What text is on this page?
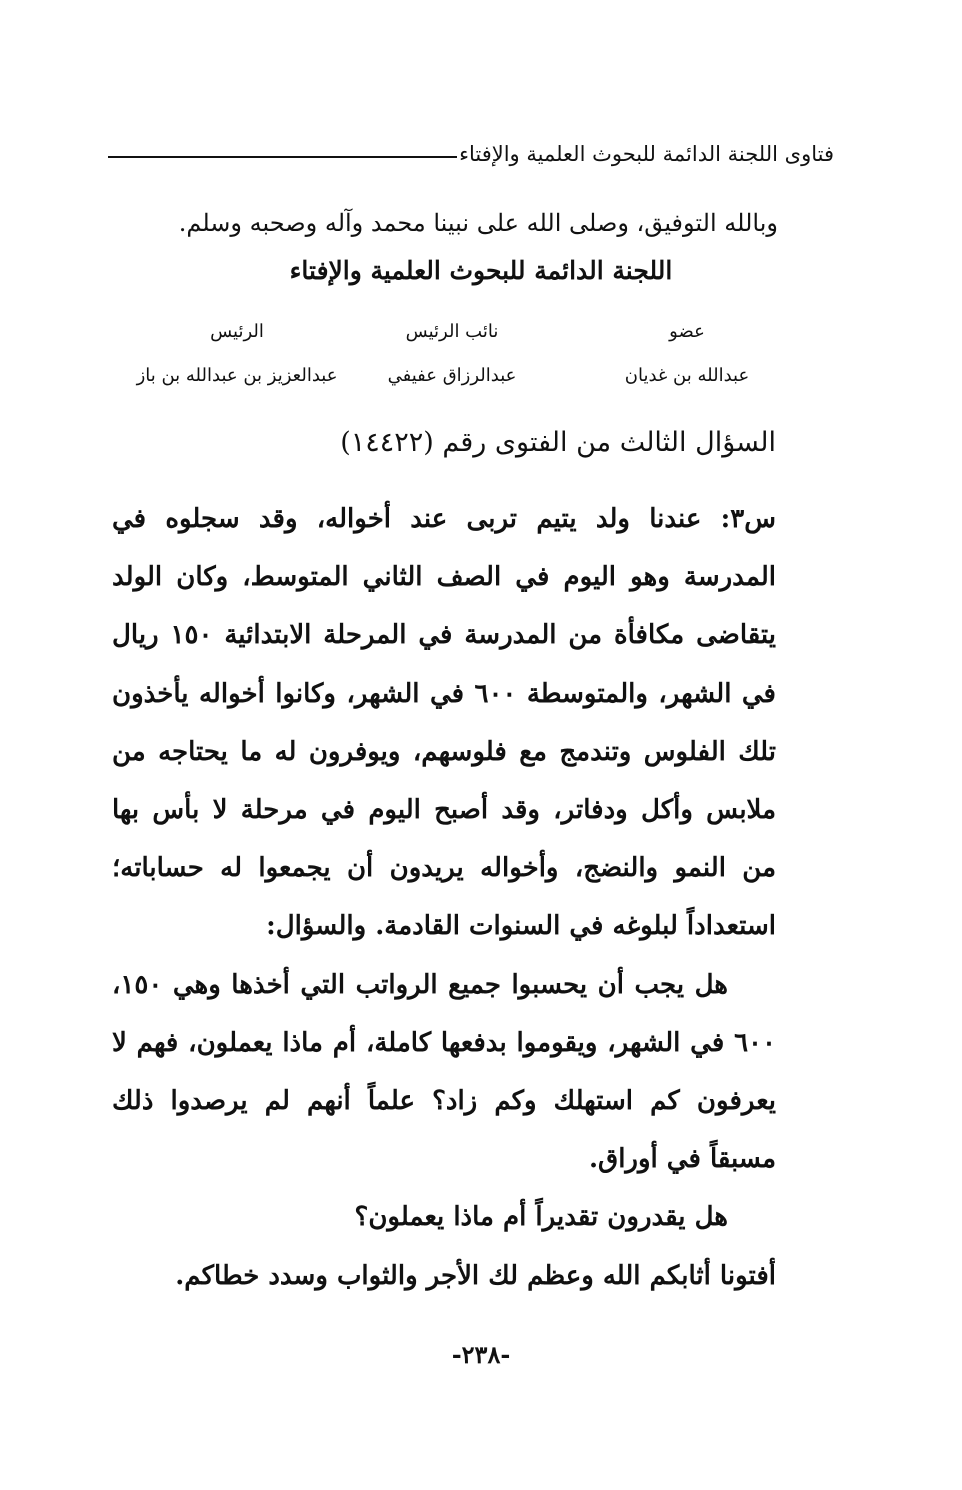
فتاوى اللجنة الدائمة للبحوث العلمية والإفتاء
وبالله التوفيق، وصلى الله على نبينا محمد وآله وصحبه وسلم.
اللجنة الدائمة للبحوث العلمية والإفتاء
عضو
عبدالله بن غديان
نائب الرئيس
عبدالرزاق عفيفي
الرئيس
عبدالعزيز بن عبدالله بن باز
السؤال الثالث من الفتوى رقم (١٤٤٢٢)

س٣: عندنا ولد يتيم تربى عند أخواله، وقد سجلوه في المدرسة وهو اليوم في الصف الثاني المتوسط، وكان الولد يتقاضى مكافأة من المدرسة في المرحلة الابتدائية ١٥٠ ريال في الشهر، والمتوسطة ٦٠٠ في الشهر، وكانوا أخواله يأخذون تلك الفلوس وتندمج مع فلوسهم، ويوفرون له ما يحتاجه من ملابس وأكل ودفاتر، وقد أصبح اليوم في مرحلة لا بأس بها من النمو والنضج، وأخواله يريدون أن يجمعوا له حساباته؛ استعداداً لبلوغه في السنوات القادمة. والسؤال:

هل يجب أن يحسبوا جميع الرواتب التي أخذها وهي ١٥٠، ٦٠٠ في الشهر، ويقوموا بدفعها كاملة، أم ماذا يعملون، فهم لا يعرفون كم استهلك وكم زاد؟ علماً أنهم لم يرصدوا ذلك مسبقاً في أوراق.

هل يقدرون تقديراً أم ماذا يعملون؟

أفتونا أثابكم الله وعظم لك الأجر والثواب وسدد خطاكم.

-٢٣٨-
